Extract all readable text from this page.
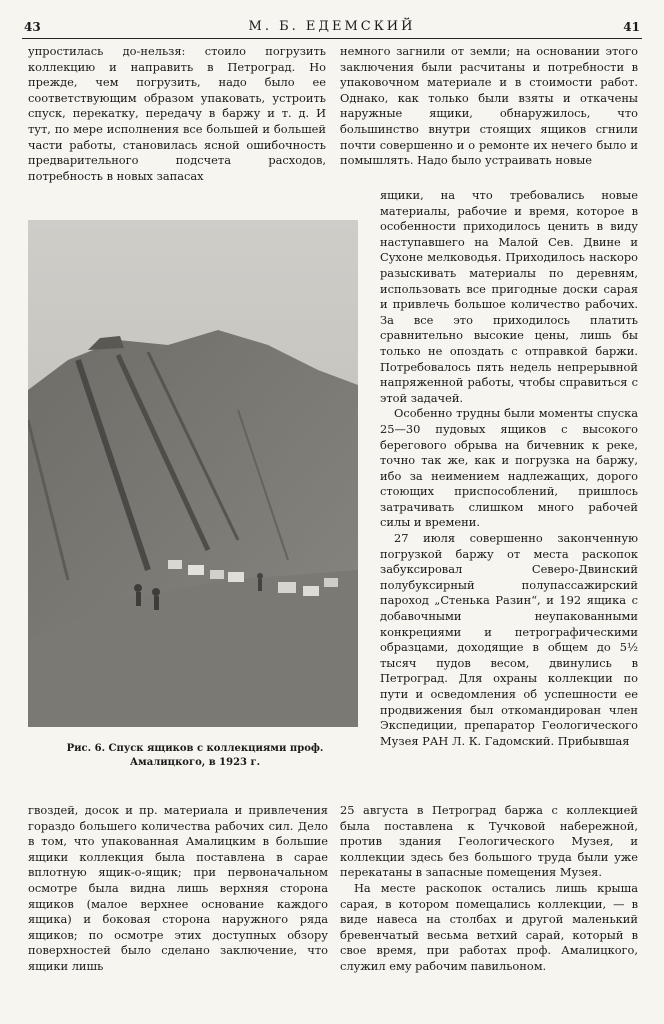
43	М. Б. ЕДЕМСКИЙ	41

упростилась до-нельзя: стоило погрузить коллекцию и направить в Петроград. Но прежде, чем погрузить, надо было ее соответствующим образом упаковать, устроить спуск, перекатку, передачу в баржу и т. д. И тут, по мере исполнения все большей и большей части работы, становилась ясной ошибочность предварительного подсчета расходов, потребность в новых запасах

немного загнили от земли; на основании этого заключения были расчитаны и потребности в упаковочном материале и в стоимости работ. Однако, как только были взяты и откачены наружные ящики, обнаружилось, что большинство внутри стоящих ящиков сгнили почти совершенно и о ремонте их нечего было и помышлять. Надо было устраивать новые

ящики, на что требовались новые материалы, рабочие и время, которое в особенности приходилось ценить в виду наступавшего на Малой Сев. Двине и Сухоне мелководья. Приходилось наскоро разыскивать материалы по деревням, использовать все пригодные доски сарая и привлечь большое количество рабочих. За все это приходилось платить сравнительно высокие цены, лишь бы только не опоздать с отправкой баржи. Потребовалось пять недель непрерывной напряженной работы, чтобы справиться с этой задачей.

Особенно трудны были моменты спуска 25—30 пудовых ящиков с высокого берегового обрыва на бичевник к реке, точно так же, как и погрузка на баржу, ибо за неимением надлежащих, дорого стоющих приспособлений, пришлось затрачивать слишком много рабочей силы и времени.

27 июля совершенно законченную погрузкой баржу от места раскопок забуксировал Северо-Двинский полубуксирный полупассажирский пароход „Стенька Разин“, и 192 ящика с добавочными неупакованными конкрециями и петрографическими образцами, доходящие в общем до 5½ тысяч пудов весом, двинулись в Петроград. Для охраны коллекции по пути и осведомления об успешности ее продвижения был откомандирован член Экспедиции, препаратор Геологического Музея РАН Л. К. Гадомский. Прибывшая

Рис. 6. Спуск ящиков с коллекциями проф. Амалицкого, в 1923 г.

гвоздей, досок и пр. материала и привлечения гораздо большего количества рабочих сил. Дело в том, что упакованная Амалицким в большие ящики коллекция была поставлена в сарае вплотную ящик-о-ящик; при первоначальном осмотре была видна лишь верхняя сторона ящиков (малое верхнее основание каждого ящика) и боковая сторона наружного ряда ящиков; по осмотре этих доступных обзору поверхностей было сделано заключение, что ящики лишь

25 августа в Петроград баржа с коллекцией была поставлена к Тучковой набережной, против здания Геологического Музея, и коллекции здесь без большого труда были уже перекатаны в запасные помещения Музея.

На месте раскопок остались лишь крыша сарая, в котором помещались коллекции, — в виде навеса на столбах и другой маленький бревенчатый весьма ветхий сарай, который в свое время, при работах проф. Амалицкого, служил ему рабочим павильоном.
